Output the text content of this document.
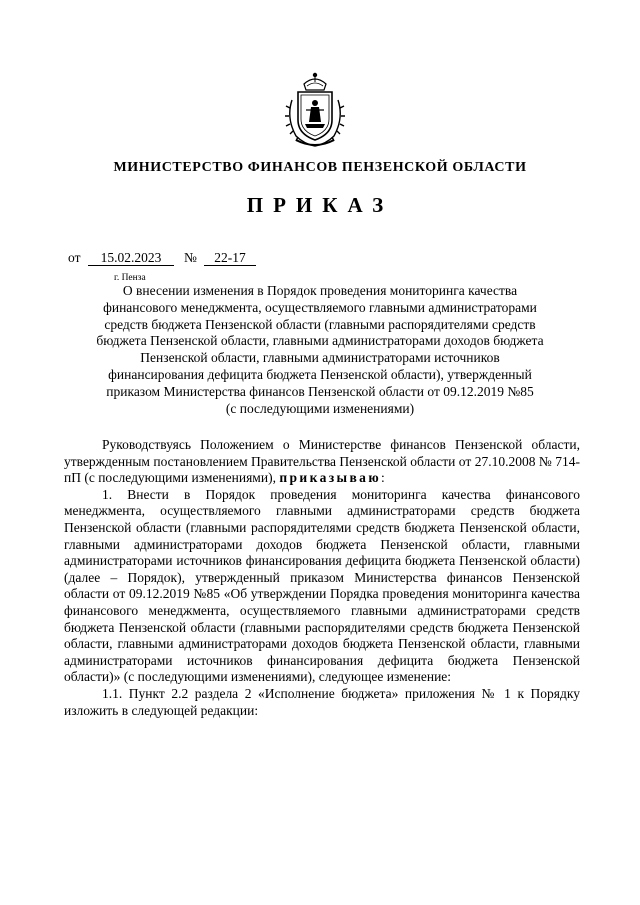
МИНИСТЕРСТВО ФИНАНСОВ ПЕНЗЕНСКОЙ ОБЛАСТИ
ПРИКАЗ
от	15.02.2023	№	22-17
г. Пенза
О внесении изменения в Порядок проведения мониторинга качества
финансового менеджмента, осуществляемого главными администраторами
средств бюджета Пензенской области (главными распорядителями средств
бюджета Пензенской области, главными администраторами доходов бюджета
Пензенской области, главными администраторами источников
финансирования дефицита бюджета Пензенской области), утвержденный
приказом Министерства финансов Пензенской области от 09.12.2019 №85
(с последующими изменениями)

Руководствуясь Положением о Министерстве финансов Пензенской области, утвержденным постановлением Правительства Пензенской области от 27.10.2008 № 714-пП (с последующими изменениями), приказываю:

1. Внести в Порядок проведения мониторинга качества финансового менеджмента, осуществляемого главными администраторами средств бюджета Пензенской области (главными распорядителями средств бюджета Пензенской области, главными администраторами доходов бюджета Пензенской области, главными администраторами источников финансирования дефицита бюджета Пензенской области) (далее – Порядок), утвержденный приказом Министерства финансов Пензенской области от 09.12.2019 №85 «Об утверждении Порядка проведения мониторинга качества финансового менеджмента, осуществляемого главными администраторами средств бюджета Пензенской области (главными распорядителями средств бюджета Пензенской области, главными администраторами доходов бюджета Пензенской области, главными администраторами источников финансирования дефицита бюджета Пензенской области)» (с последующими изменениями), следующее изменение:

1.1. Пункт 2.2 раздела 2 «Исполнение бюджета» приложения № 1 к Порядку изложить в следующей редакции:
